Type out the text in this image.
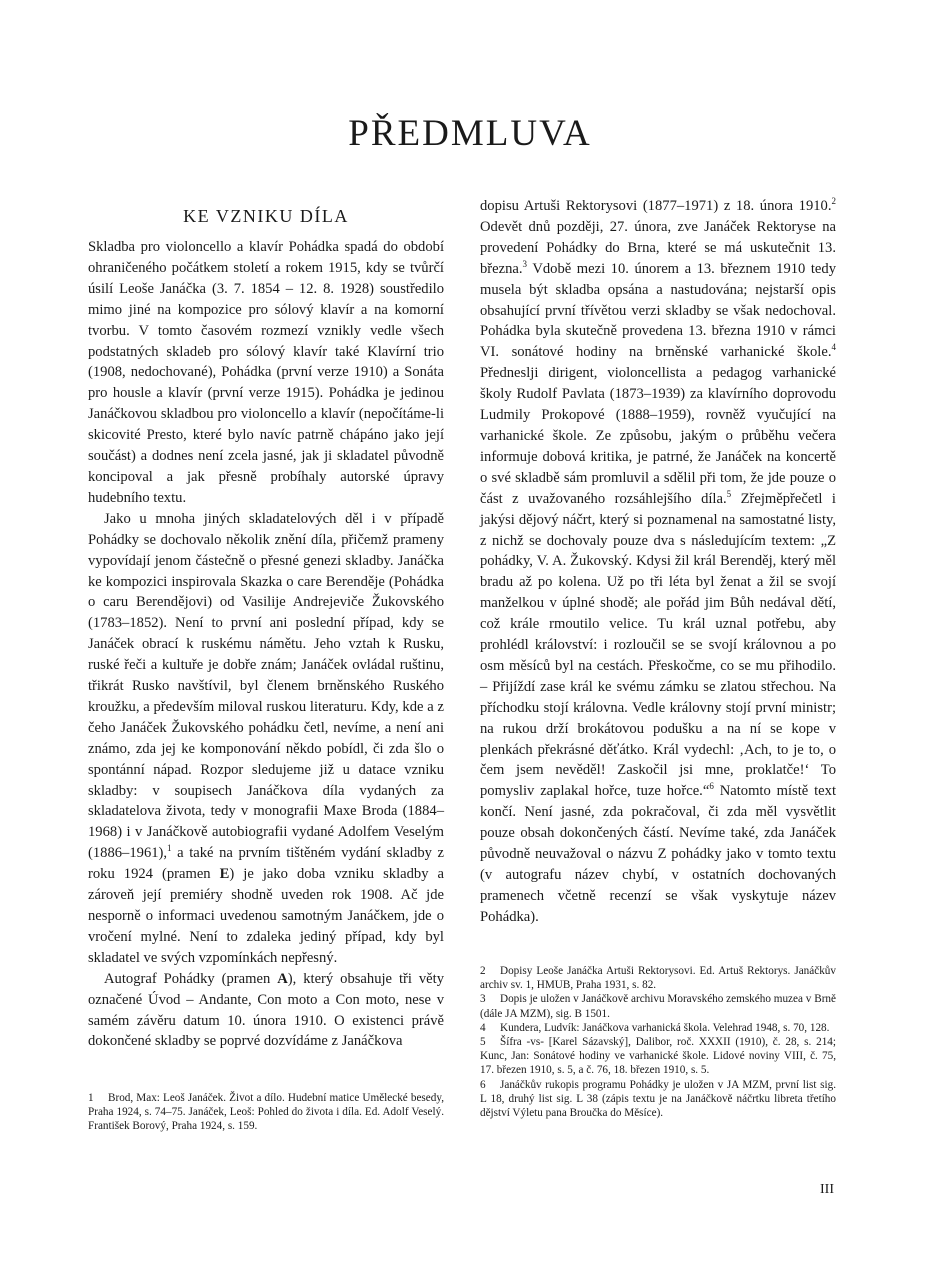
PŘEDMLUVA
KE VZNIKU DÍLA

Skladba pro violoncello a klavír Pohádka spadá do období ohraničeného počátkem století a rokem 1915, kdy se tvůrčí úsilí Leoše Janáčka (3. 7. 1854 – 12. 8. 1928) soustředilo mimo jiné na kompozice pro sólový klavír a na komorní tvorbu. V tomto časovém rozmezí vznikly vedle všech podstatných skladeb pro sólový klavír také Klavírní trio (1908, nedochované), Pohádka (první verze 1910) a Sonáta pro housle a klavír (první verze 1915). Pohádka je jedinou Janáčkovou skladbou pro violoncello a klavír (nepočítáme-li skicovité Presto, které bylo navíc patrně chápáno jako její součást) a dodnes není zcela jasné, jak ji skladatel původně koncipoval a jak přesně probíhaly autorské úpravy hudebního textu.

Jako u mnoha jiných skladatelových děl i v případě Pohádky se dochovalo několik znění díla, přičemž prameny vypovídají jenom částečně o přesné genezi skladby. Janáčka ke kompozici inspirovala Skazka o care Berenděje (Pohádka o caru Berendějovi) od Vasilije Andrejeviče Žukovského (1783–1852). Není to první ani poslední případ, kdy se Janáček obrací k ruskému námětu. Jeho vztah k Rusku, ruské řeči a kultuře je dobře znám; Janáček ovládal ruštinu, třikrát Rusko navštívil, byl členem brněnského Ruského kroužku, a především miloval ruskou literaturu. Kdy, kde a z čeho Janáček Žukovského pohádku četl, nevíme, a není ani známo, zda jej ke komponování někdo pobídl, či zda šlo o spontánní nápad. Rozpor sledujeme již u datace vzniku skladby: v soupisech Janáčkova díla vydaných za skladatelova života, tedy v monografii Maxe Broda (1884–1968) i v Janáčkově autobiografii vydané Adolfem Veselým (1886–1961),$^1$ a také na prvním tištěném vydání skladby z roku 1924 (pramen E) je jako doba vzniku skladby a zároveň její premiéry shodně uveden rok 1908. Ač jde nesporně o informaci uvedenou samotným Janáčkem, jde o vročení mylné. Není to zdaleka jediný případ, kdy byl skladatel ve svých vzpomínkách nepřesný.

Autograf Pohádky (pramen A), který obsahuje tři věty označené Úvod – Andante, Con moto a Con moto, nese v samém závěru datum 10. února 1910. O existenci právě dokončené skladby se poprvé dozvídáme z Janáčkova

1 Brod, Max: Leoš Janáček. Život a dílo. Hudební matice Umělecké besedy, Praha 1924, s. 74–75. Janáček, Leoš: Pohled do života i díla. Ed. Adolf Veselý. František Borový, Praha 1924, s. 159.

2 Dopisy Leoše Janáčka Artuši Rektorysovi. Ed. Artuš Rektorys. Janáčkův archiv sv. 1, HMUB, Praha 1931, s. 82.

3 Dopis je uložen v Janáčkově archivu Moravského zemského muzea v Brně (dále JA MZM), sig. B 1501.

4 Kundera, Ludvík: Janáčkova varhanická škola. Velehrad 1948, s. 70, 128.

5 Šífra -vs- [Karel Sázavský], Dalibor, roč. XXXII (1910), č. 28, s. 214; Kunc, Jan: Sonátové hodiny ve varhanické škole. Lidové noviny VIII, č. 75, 17. březen 1910, s. 5, a č. 76, 18. březen 1910, s. 5.

6 Janáčkův rukopis programu Pohádky je uložen v JA MZM, první list sig. L 18, druhý list sig. L 38 (zápis textu je na Janáčkově náčrtku libreta třetího dějství Výletu pana Broučka do Měsíce).

III

dopisu Artuši Rektorysovi (1877–1971) z 18. února 1910.$^2$ Odevět dnů později, 27. února, zve Janáček Rektoryse na provedení Pohádky do Brna, které se má uskutečnit 13. března.$^3$ Vdobě mezi 10. únorem a 13. březnem 1910 tedy musela být skladba opsána a nastudována; nejstarší opis obsahující první třívětou verzi skladby se však nedochoval. Pohádka byla skutečně provedena 13. března 1910 v rámci VI. sonátové hodiny na brněnské varhanické škole.$^4$ Předneslji dirigent, violoncellista a pedagog varhanické školy Rudolf Pavlata (1873–1939) za klavírního doprovodu Ludmily Prokopové (1888–1959), rovněž vyučující na varhanické škole. Ze způsobu, jakým o průběhu večera informuje dobová kritika, je patrné, že Janáček na koncertě o své skladbě sám promluvil a sdělil při tom, že jde pouze o část z uvažovaného rozsáhlejšího díla.$^5$ Zřejměpřečetl i jakýsi dějový náčrt, který si poznamenal na samostatné listy, z nichž se dochovaly pouze dva s následujícím textem: „Z pohádky, V. A. Žukovský. Kdysi žil král Berenděj, který měl bradu až po kolena. Už po tři léta byl ženat a žil se svojí manželkou v úplné shodě; ale pořád jim Bůh nedával dětí, což krále rmoutilo velice. Tu král uznal potřebu, aby prohlédl království: i rozloučil se se svojí královnou a po osm měsíců byl na cestách. Přeskočme, co se mu přihodilo. – Přijíždí zase král ke svému zámku se zlatou střechou. Na příchodku stojí královna. Vedle královny stojí první ministr; na rukou drží brokátovou podušku a na ní se kope v plenkách překrásné děťátko. Král vydechl: ‚Ach, to je to, o čem jsem nevěděl! Zaskočil jsi mne, proklatče!‘ To pomysliv zaplakal hořce, tuze hořce.“$^6$ Natomto místě text končí. Není jasné, zda pokračoval, či zda měl vysvětlit pouze obsah dokončených částí. Nevíme také, zda Janáček původně neuvažoval o názvu Z pohádky jako v tomto textu (v autografu název chybí, v ostatních dochovaných pramenech včetně recenzí se však vyskytuje název Pohádka).
